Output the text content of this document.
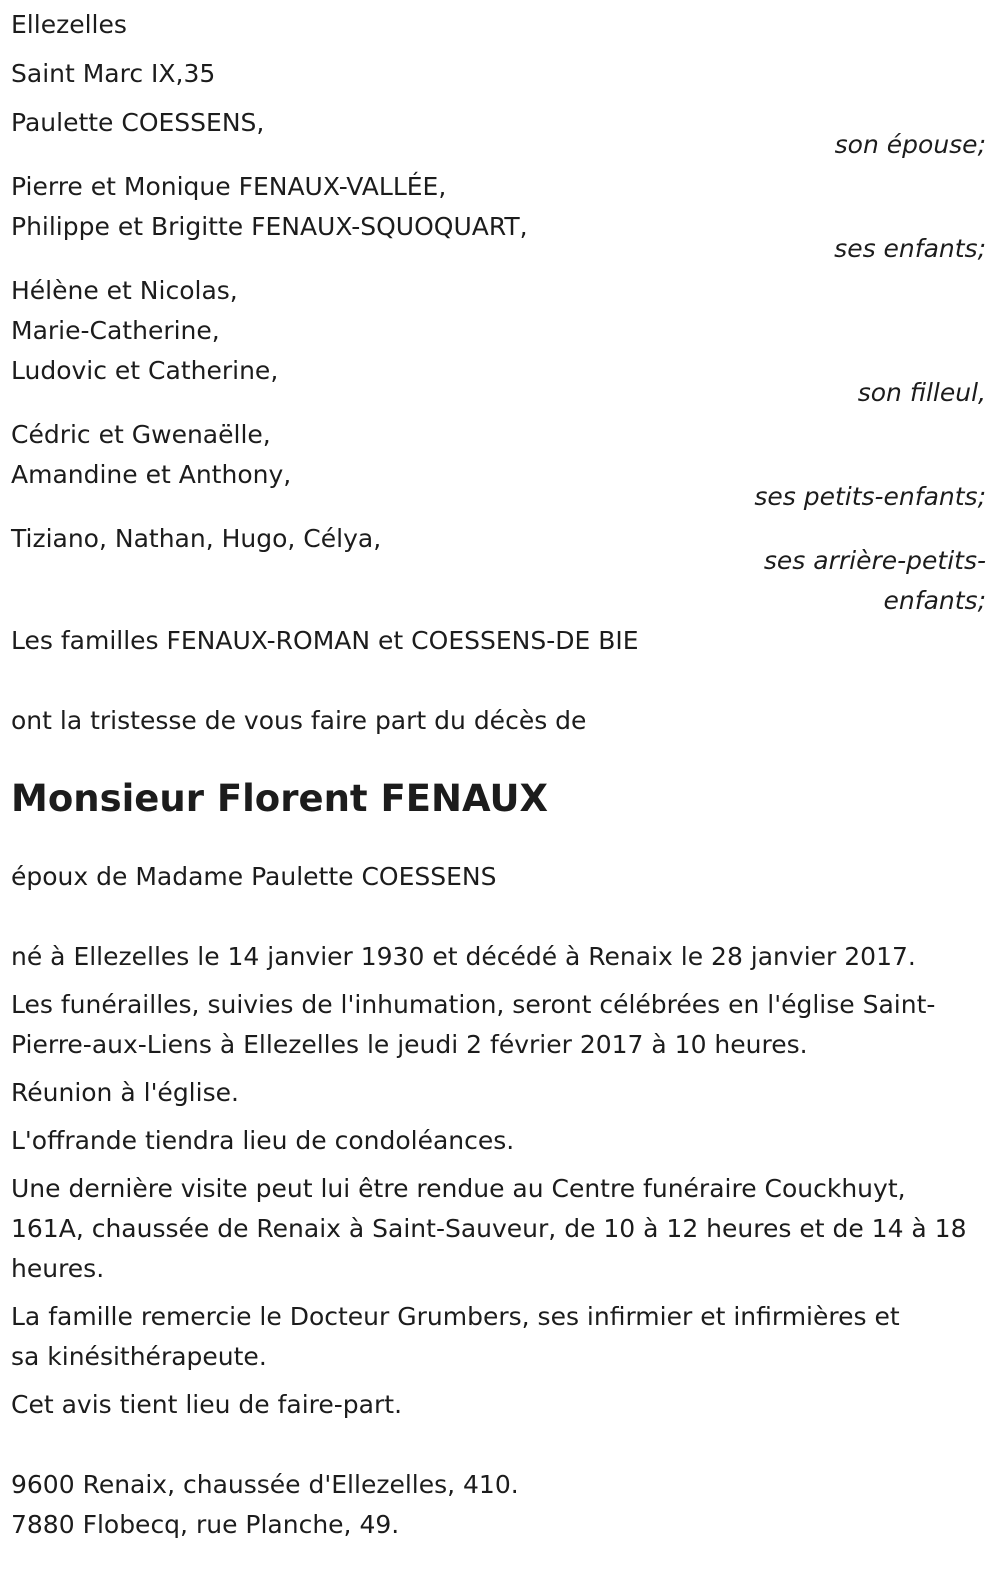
Ellezelles

Saint Marc IX,35

Paulette COESSENS,

son épouse;

Pierre et Monique FENAUX-VALLÉE,

Philippe et Brigitte FENAUX-SQUOQUART,

ses enfants;

Hélène et Nicolas,

Marie-Catherine,

Ludovic et Catherine,

son filleul,

Cédric et Gwenaëlle,

Amandine et Anthony,

ses petits-enfants;

Tiziano, Nathan, Hugo, Célya,

ses arrière-petits-

enfants;

Les familles FENAUX-ROMAN et COESSENS-DE BIE

ont la tristesse de vous faire part du décès de

Monsieur Florent FENAUX

époux de Madame Paulette COESSENS

né à Ellezelles le 14 janvier 1930 et décédé à Renaix le 28 janvier 2017.

Les funérailles, suivies de l'inhumation, seront célébrées en l'église Saint-

Pierre-aux-Liens à Ellezelles le jeudi 2 février 2017 à 10 heures.

Réunion à l'église.

L'offrande tiendra lieu de condoléances.

Une dernière visite peut lui être rendue au Centre funéraire Couckhuyt,

161A, chaussée de Renaix à Saint-Sauveur, de 10 à 12 heures et de 14 à 18

heures.

La famille remercie le Docteur Grumbers, ses infirmier et infirmières et

sa kinésithérapeute.

Cet avis tient lieu de faire-part.

9600 Renaix, chaussée d'Ellezelles, 410.

7880 Flobecq, rue Planche, 49.
